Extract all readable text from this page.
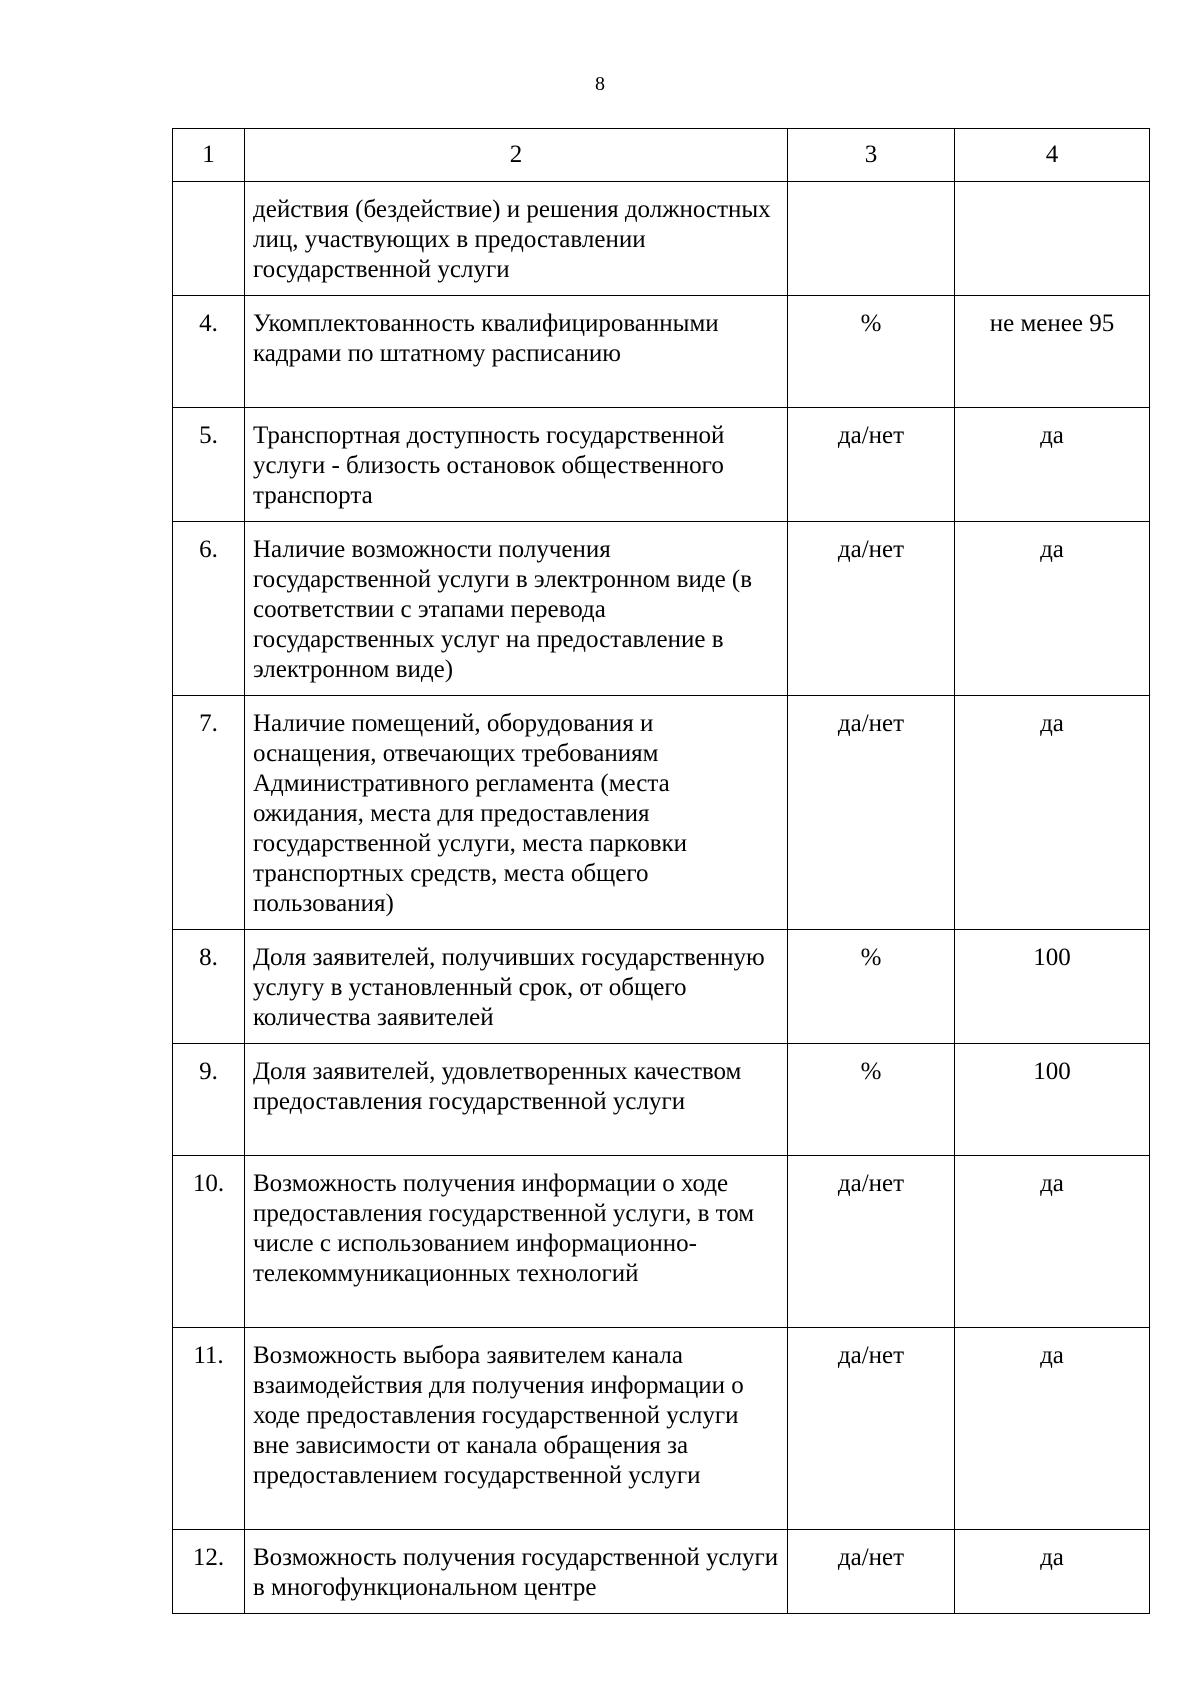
8
1	2	3	4
	действия (бездействие) и решения должностных лиц, участвующих в предоставлении государственной услуги		
4.	Укомплектованность квалифицированными кадрами по штатному расписанию	%	не менее 95
5.	Транспортная доступность государственной услуги - близость остановок общественного транспорта	да/нет	да
6.	Наличие возможности получения государственной услуги в электронном виде (в соответствии с этапами перевода государственных услуг на предоставление в электронном виде)	да/нет	да
7.	Наличие помещений, оборудования и оснащения, отвечающих требованиям Административного регламента (места ожидания, места для предоставления государственной услуги, места парковки транспортных средств, места общего пользования)	да/нет	да
8.	Доля заявителей, получивших государственную услугу в установленный срок, от общего количества заявителей	%	100
9.	Доля заявителей, удовлетворенных качеством предоставления государственной услуги	%	100
10.	Возможность получения информации о ходе предоставления государственной услуги, в том числе с использованием информационно-телекоммуникационных технологий	да/нет	да
11.	Возможность выбора заявителем канала взаимодействия для получения информации о ходе предоставления государственной услуги вне зависимости от канала обращения за предоставлением государственной услуги	да/нет	да
12.	Возможность получения государственной услуги в многофункциональном центре	да/нет	да
